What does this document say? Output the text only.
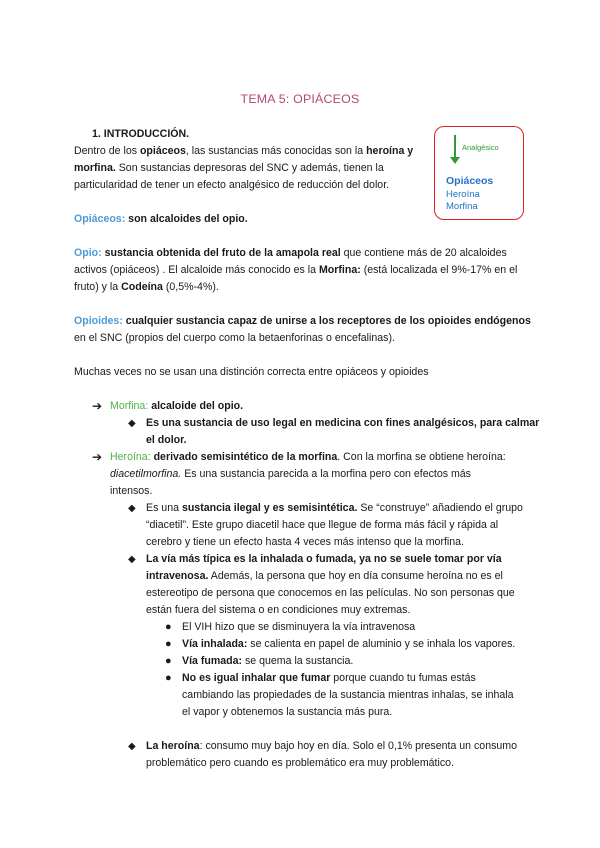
TEMA 5: OPIÁCEOS
1. INTRODUCCIÓN.
Dentro de los opiáceos, las sustancias más conocidas son la heroína y
morfina. Son sustancias depresoras del SNC y además, tienen la
particularidad de tener un efecto analgésico de reducción del dolor.
Analgésico
Opiáceos
Heroína
Morfina
Opiáceos: son alcaloides del opio.
Opio: sustancia obtenida del fruto de la amapola real que contiene más de 20 alcaloides
activos (opiáceos) . El alcaloide más conocido es la Morfina: (está localizada el 9%-17% en el
fruto) y la Codeína (0,5%-4%).
Opioides: cualquier sustancia capaz de unirse a los receptores de los opioides endógenos
en el SNC (propios del cuerpo como la betaenforinas o encefalinas).
Muchas veces no se usan una distinción correcta entre opiáceos y opioides
➔ Morfina: alcaloide del opio.
◆ Es una sustancia de uso legal en medicina con fines analgésicos, para calmar
el dolor.
➔ Heroína: derivado semisintético de la morfina. Con la morfina se obtiene heroína:
diacetilmorfina. Es una sustancia parecida a la morfina pero con efectos más
intensos.
◆ Es una sustancia ilegal y es semisintética. Se “construye” añadiendo el grupo
“diacetil”. Este grupo diacetil hace que llegue de forma más fácil y rápida al
cerebro y tiene un efecto hasta 4 veces más intenso que la morfina.
◆ La vía más típica es la inhalada o fumada, ya no se suele tomar por vía
intravenosa. Además, la persona que hoy en día consume heroína no es el
estereotipo de persona que conocemos en las películas. No son personas que
están fuera del sistema o en condiciones muy extremas.
● El VIH hizo que se disminuyera la vía intravenosa
● Vía inhalada: se calienta en papel de aluminio y se inhala los vapores.
● Vía fumada: se quema la sustancia.
● No es igual inhalar que fumar porque cuando tu fumas estás
cambiando las propiedades de la sustancia mientras inhalas, se inhala
el vapor y obtenemos la sustancia más pura.
◆ La heroína: consumo muy bajo hoy en día. Solo el 0,1% presenta un consumo
problemático pero cuando es problemático era muy problemático.
